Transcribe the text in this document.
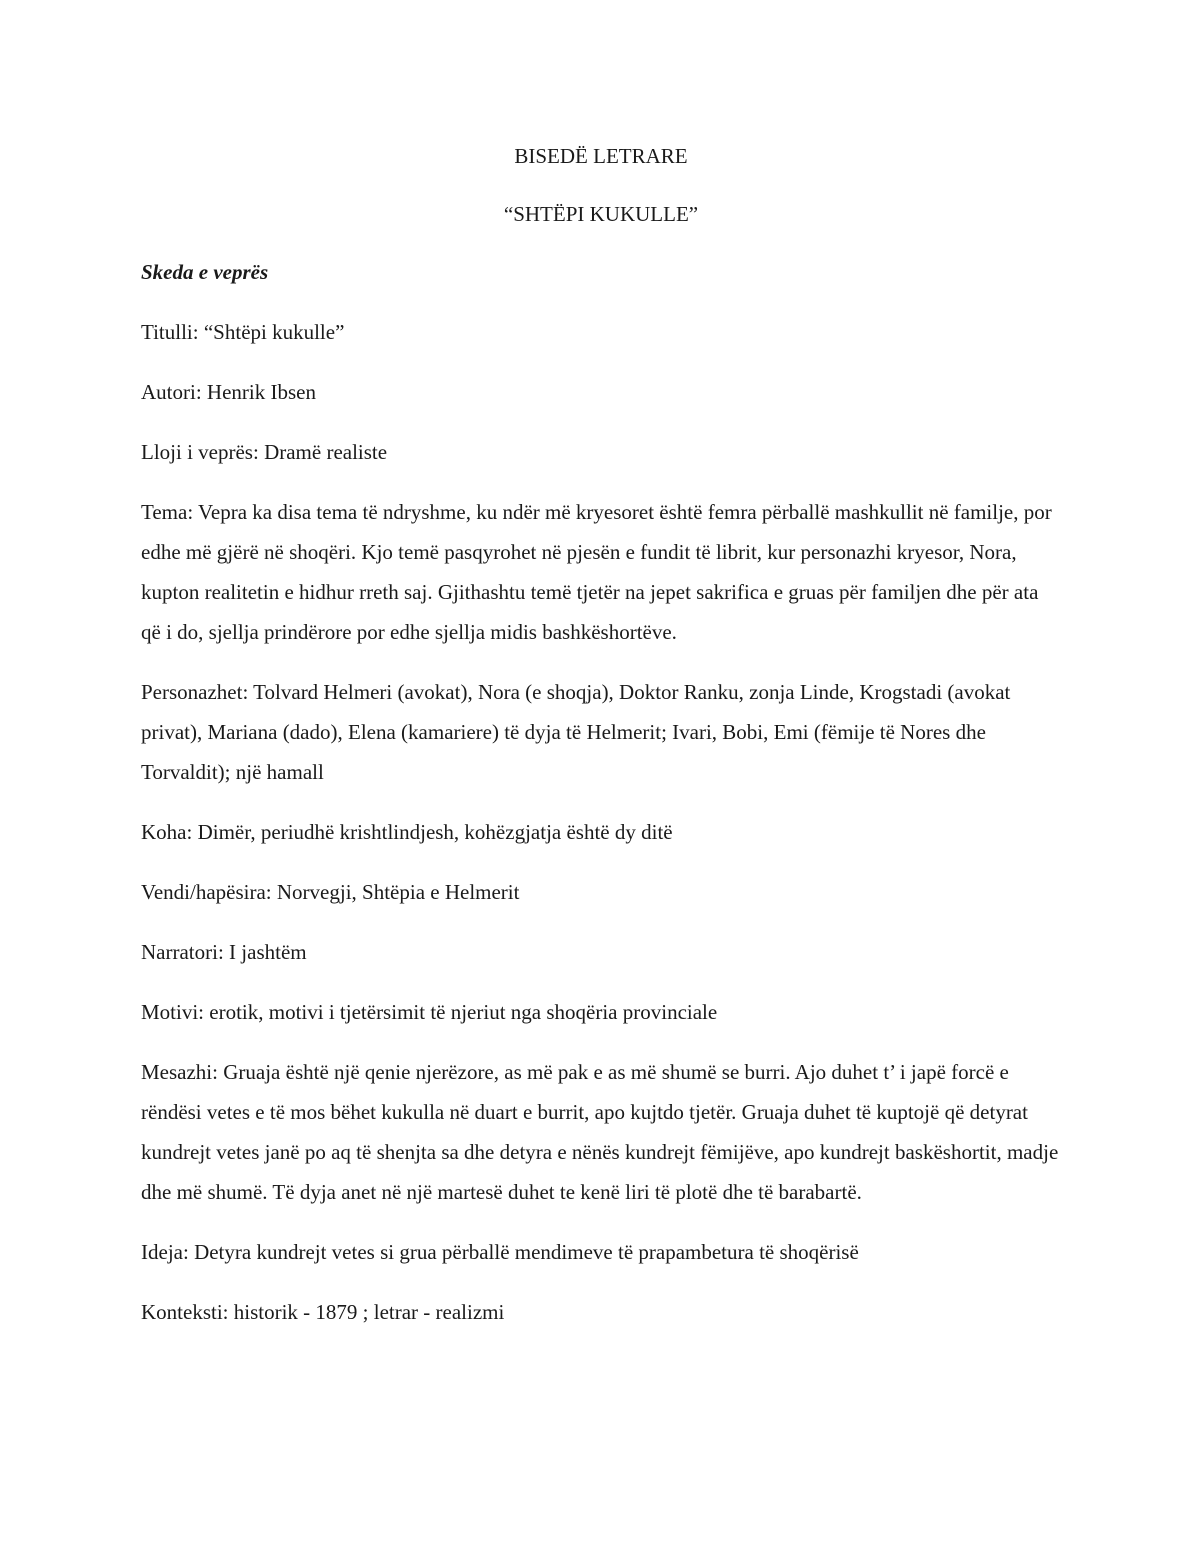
BISEDË LETRARE

“SHTËPI KUKULLE”

Skeda e veprës

Titulli: “Shtëpi kukulle”

Autori: Henrik Ibsen

Lloji i veprës: Dramë realiste

Tema: Vepra ka disa tema të ndryshme, ku ndër më kryesoret është femra përballë mashkullit në familje, por edhe më gjërë në shoqëri. Kjo temë pasqyrohet në pjesën e fundit të librit, kur personazhi kryesor, Nora, kupton realitetin e hidhur rreth saj. Gjithashtu temë tjetër na jepet sakrifica e gruas për familjen dhe për ata që i do, sjellja prindërore por edhe sjellja midis bashkëshortëve.

Personazhet: Tolvard Helmeri (avokat), Nora (e shoqja), Doktor Ranku, zonja Linde, Krogstadi (avokat privat), Mariana (dado), Elena (kamariere) të dyja të Helmerit; Ivari, Bobi, Emi (fëmije të Nores dhe Torvaldit); një hamall

Koha: Dimër, periudhë krishtlindjesh, kohëzgjatja është dy ditë

Vendi/hapësira: Norvegji, Shtëpia e Helmerit

Narratori: I jashtëm

Motivi: erotik, motivi i tjetërsimit të njeriut nga shoqëria provinciale

Mesazhi: Gruaja është një qenie njerëzore, as më pak e as më shumë se burri. Ajo duhet t’ i japë forcë e rëndësi vetes e të mos bëhet kukulla në duart e burrit, apo kujtdo tjetër. Gruaja duhet të kuptojë që detyrat kundrejt vetes janë po aq të shenjta sa dhe detyra e nënës kundrejt fëmijëve, apo kundrejt baskëshortit, madje dhe më shumë. Të dyja anet në një martesë duhet te kenë liri të plotë dhe të barabartë.

Ideja: Detyra kundrejt vetes si grua përballë mendimeve të prapambetura të shoqërisë

Konteksti: historik - 1879 ; letrar - realizmi
